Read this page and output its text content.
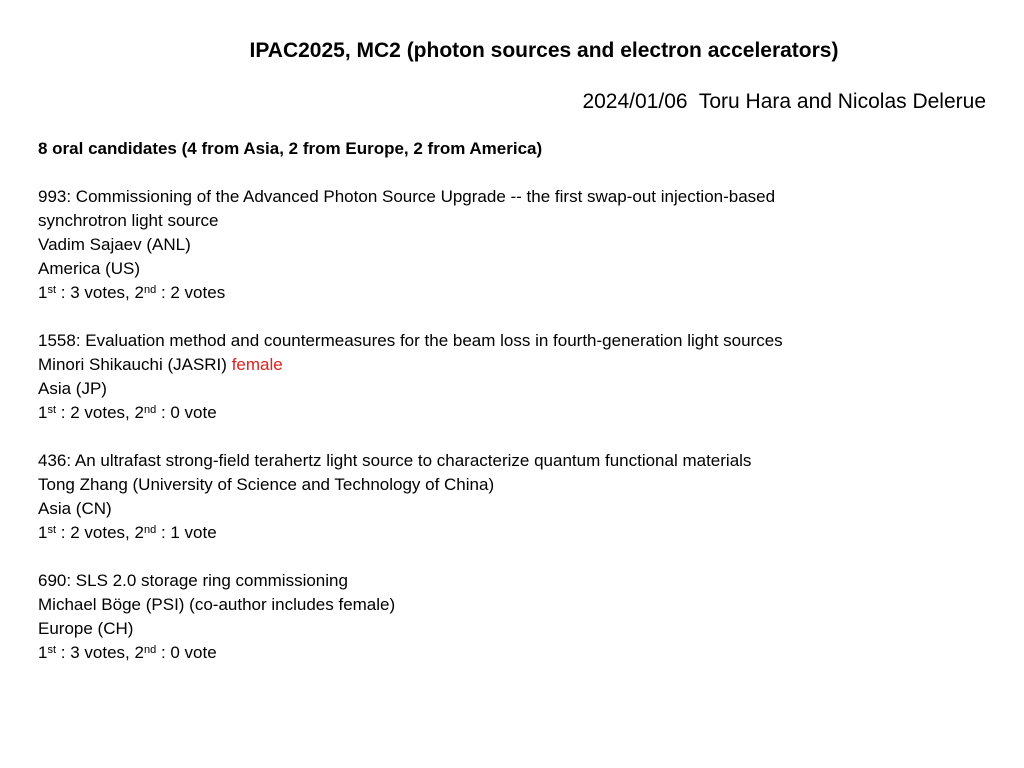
IPAC2025, MC2 (photon sources and electron accelerators)
2024/01/06 Toru Hara and Nicolas Delerue
8 oral candidates (4 from Asia, 2 from Europe, 2 from America)
993: Commissioning of the Advanced Photon Source Upgrade -- the first swap-out injection-based
synchrotron light source
Vadim Sajaev (ANL)
America (US)
1st : 3 votes, 2nd : 2 votes
1558: Evaluation method and countermeasures for the beam loss in fourth-generation light sources
Minori Shikauchi (JASRI) female
Asia (JP)
1st : 2 votes, 2nd : 0 vote
436: An ultrafast strong-field terahertz light source to characterize quantum functional materials
Tong Zhang (University of Science and Technology of China)
Asia (CN)
1st : 2 votes, 2nd : 1 vote
690: SLS 2.0 storage ring commissioning
Michael Böge (PSI) (co-author includes female)
Europe (CH)
1st : 3 votes, 2nd : 0 vote
